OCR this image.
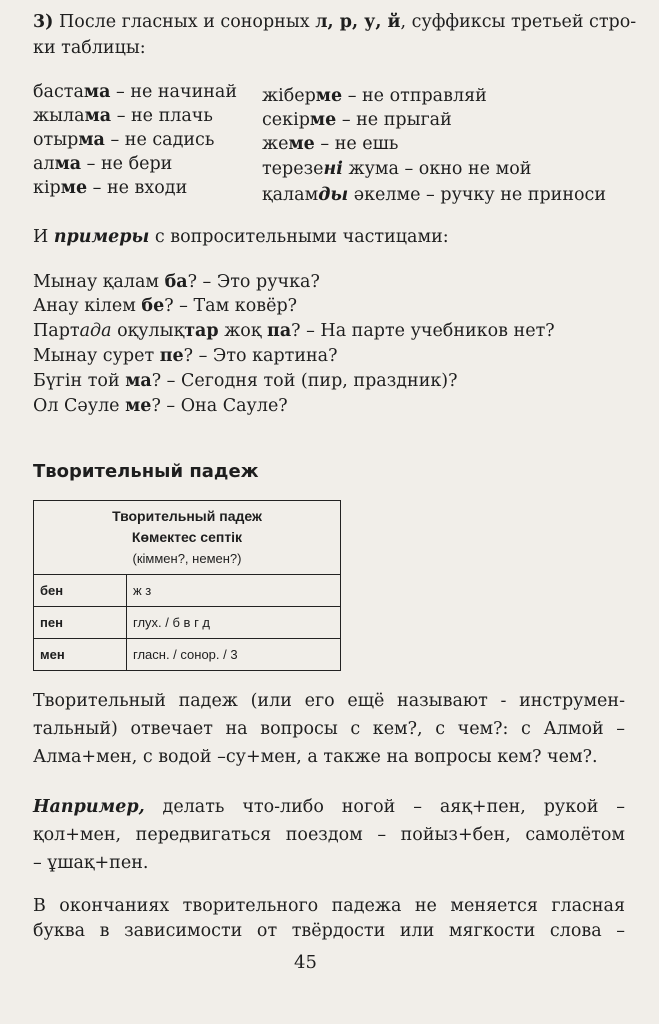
3) После гласных и сонорных л, р, у, й, суффиксы третьей стро-
ки таблицы:
бастама – не начинай
жылама – не плачь
отырма – не садись
алма – не бери
кірме – не входи
жіберме – не отправляй
секірме – не прыгай
жеме – не ешь
терезені жума – окно не мой
қаламды әкелме – ручку не приноси
И примеры с вопросительными частицами:
Мынау қалам ба? – Это ручка?
Анау кілем бе? – Там ковёр?
Партада оқулықтар жоқ па? – На парте учебников нет?
Мынау сурет пе? – Это картина?
Бүгін той ма? – Сегодня той (пир, праздник)?
Ол Сәуле ме? – Она Сауле?
Творительный падеж
Творительный падеж
Көмектес септік
(кіммен?, немен?)	

бен	ж з
пен	глух. / б в г д
мен	гласн. / сонор. / 3
Творительный падеж (или его ещё называют - инструмен-
тальный) отвечает на вопросы с кем?, с чем?: с Алмой –
Алма+мен, с водой –су+мен, а также на вопросы кем? чем?.
Например, делать что-либо ногой – аяқ+пен, рукой –
қол+мен, передвигаться поездом – пойыз+бен, самолётом
– ұшақ+пен.
В окончаниях творительного падежа не меняется гласная
буква в зависимости от твёрдости или мягкости слова –
45
